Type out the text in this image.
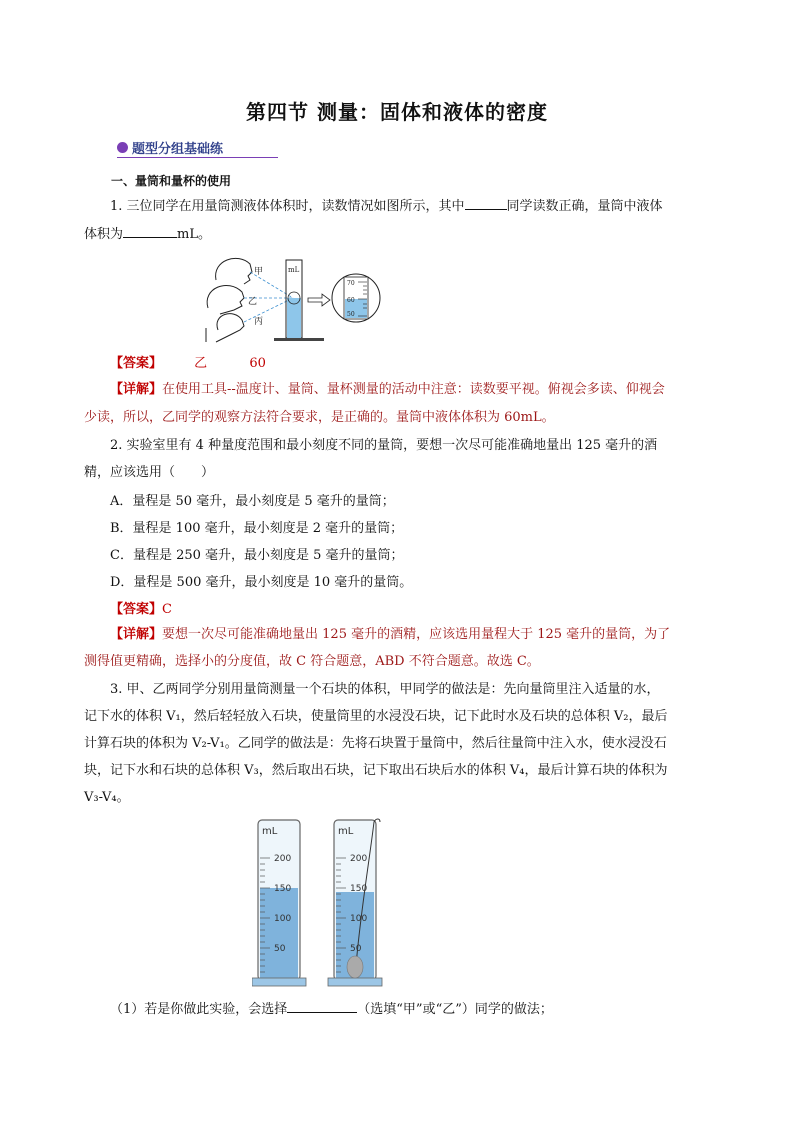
第四节 测量：固体和液体的密度
题型分组基础练
一、量筒和量杯的使用
1. 三位同学在用量筒测液体体积时，读数情况如图所示，其中	同学读数正确，量筒中液体
体积为	mL。
甲
乙
丙
mL
70
60
50
【答案】 乙	60
【详解】在使用工具--温度计、量筒、量杯测量的活动中注意：读数要平视。俯视会多读、仰视会
少读，所以，乙同学的观察方法符合要求，是正确的。量筒中液体体积为 60mL。
2. 实验室里有 4 种量度范围和最小刻度不同的量筒，要想一次尽可能准确地量出 125 毫升的酒
精，应该选用（　　）
A．量程是 50 毫升，最小刻度是 5 毫升的量筒；
B．量程是 100 毫升，最小刻度是 2 毫升的量筒；
C．量程是 250 毫升，最小刻度是 5 毫升的量筒；
D．量程是 500 毫升，最小刻度是 10 毫升的量筒。
【答案】C
【详解】要想一次尽可能准确地量出 125 毫升的酒精，应该选用量程大于 125 毫升的量筒，为了
测得值更精确，选择小的分度值，故 C 符合题意，ABD 不符合题意。故选 C。
3. 甲、乙两同学分别用量筒测量一个石块的体积，甲同学的做法是：先向量筒里注入适量的水，
记下水的体积 V₁，然后轻轻放入石块，使量筒里的水浸没石块，记下此时水及石块的总体积 V₂，最后
计算石块的体积为 V₂-V₁。乙同学的做法是：先将石块置于量筒中，然后往量筒中注入水，使水浸没石
块，记下水和石块的总体积 V₃，然后取出石块，记下取出石块后水的体积 V₄，最后计算石块的体积为
V₃-V₄。
mL
200
150
100
50
mL
200
150
100
50
（1）若是你做此实验，会选择	（选填“甲”或“乙”）同学的做法；
